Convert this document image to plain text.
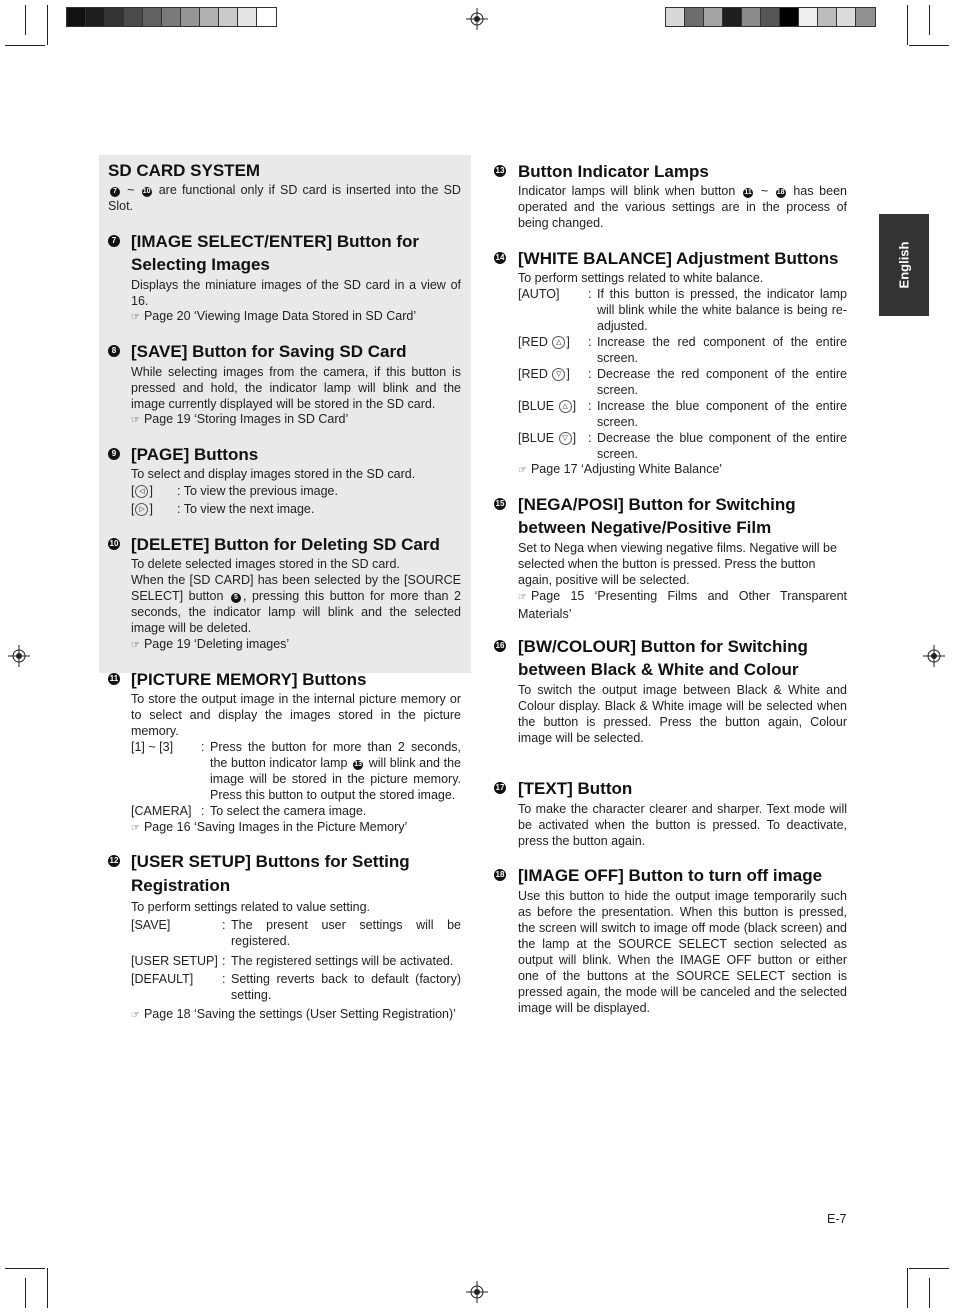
English
SD CARD SYSTEM
7 ~ 10 are functional only if SD card is inserted into the SD Slot.
7 [IMAGE SELECT/ENTER] Button for
Selecting Images
Displays the miniature images of the SD card in a view of 16.
☞ Page 20 ‘Viewing Image Data Stored in SD Card’
8 [SAVE] Button for Saving SD Card
While selecting images from the camera, if this button is pressed and hold, the indicator lamp will blink and the image currently displayed will be stored in the SD card.
☞ Page 19 ‘Storing Images in SD Card’
9 [PAGE] Buttons
To select and display images stored in the SD card.
[ ◁ ] : To view the previous image.
[ ▷ ] : To view the next image.
10 [DELETE] Button for Deleting SD Card
To delete selected images stored in the SD card.
When the [SD CARD] has been selected by the [SOURCE SELECT] button 5 , pressing this button for more than 2 seconds, the indicator lamp will blink and the selected image will be deleted.
☞ Page 19 ‘Deleting images’
11 [PICTURE MEMORY] Buttons
To store the output image in the internal picture memory or to select and display the images stored in the picture memory.
[1] ~ [3] : Press the button for more than 2 seconds, the button indicator lamp 13 will blink and the image will be stored in the picture memory. Press this button to output the stored image.
[CAMERA] : To select the camera image.
☞ Page 16 ‘Saving Images in the Picture Memory’
12 [USER SETUP] Buttons for Setting
Registration
To perform settings related to value setting.
[SAVE]	: The present user settings will be registered.
[USER SETUP] : The registered settings will be activated.
[DEFAULT] : Setting reverts back to default (factory) setting.
☞ Page 18 ‘Saving the settings (User Setting Registration)’
13 Button Indicator Lamps
Indicator lamps will blink when button 11 ~ 18 has been operated and the various settings are in the process of being changed.
14 [WHITE BALANCE] Adjustment Buttons
To perform settings related to white balance.
[AUTO] : If this button is pressed, the indicator lamp will blink while the white balance is being re-adjusted.
[RED △ ] : Increase the red component of the entire screen.
[RED ▽ ] : Decrease the red component of the entire screen.
[BLUE △ ] : Increase the blue component of the entire screen.
[BLUE ▽ ] : Decrease the blue component of the entire screen.
☞ Page 17 ‘Adjusting White Balance’
15 [NEGA/POSI] Button for Switching
between Negative/Positive Film
Set to Nega when viewing negative films. Negative will be selected when the button is pressed. Press the button again, positive will be selected.
☞ Page 15 ‘Presenting Films and Other Transparent Materials’
16 [BW/COLOUR] Button for Switching
between Black & White and Colour
To switch the output image between Black & White and Colour display. Black & White image will be selected when the button is pressed. Press the button again, Colour image will be selected.
17 [TEXT] Button
To make the character clearer and sharper. Text mode will be activated when the button is pressed. To deactivate, press the button again.
18 [IMAGE OFF] Button to turn off image
Use this button to hide the output image temporarily such as before the presentation. When this button is pressed, the screen will switch to image off mode (black screen) and the lamp at the SOURCE SELECT section selected as output will blink. When the IMAGE OFF button or either one of the buttons at the SOURCE SELECT section is pressed again, the mode will be canceled and the selected image will be displayed.
E-7
